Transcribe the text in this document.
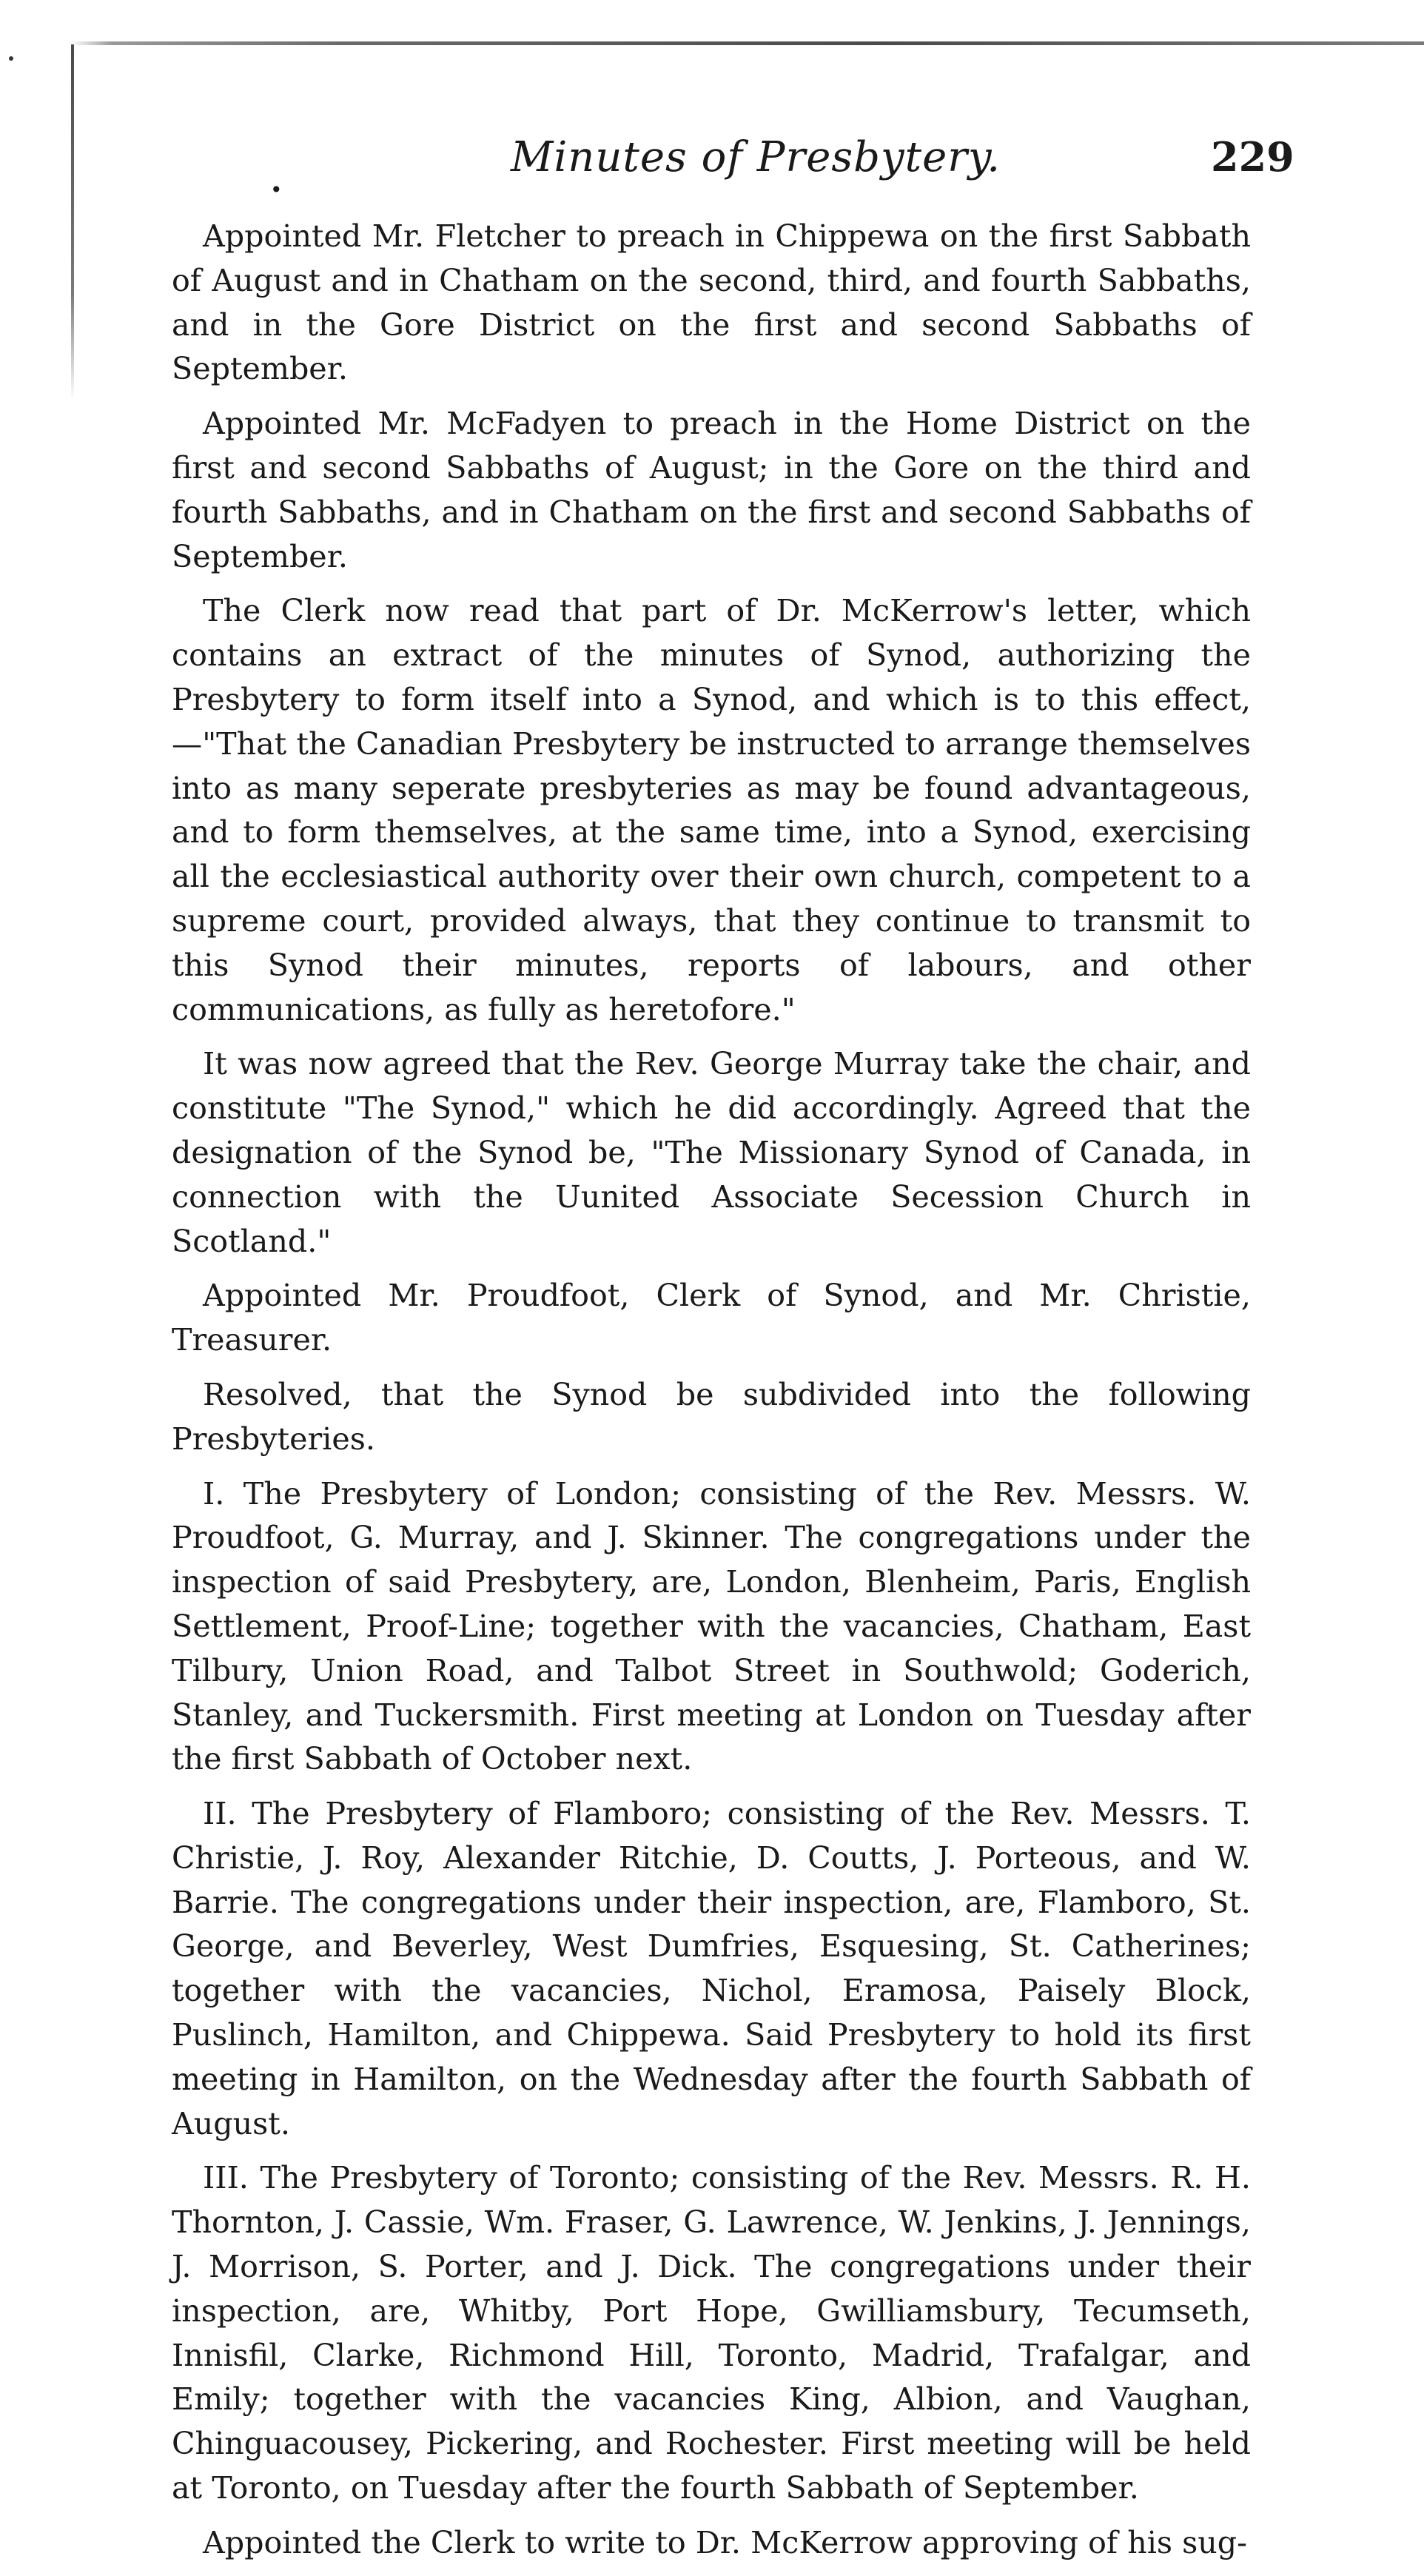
Minutes of Presbytery.	229
•

Appointed Mr. Fletcher to preach in Chippewa on the first Sabbath of August and in Chatham on the second, third, and fourth Sabbaths, and in the Gore District on the first and second Sabbaths of September.

Appointed Mr. McFadyen to preach in the Home District on the first and second Sabbaths of August; in the Gore on the third and fourth Sabbaths, and in Chatham on the first and second Sabbaths of September.

The Clerk now read that part of Dr. McKerrow's letter, which contains an extract of the minutes of Synod, authorizing the Presbytery to form itself into a Synod, and which is to this effect,—"That the Canadian Presbytery be instructed to arrange themselves into as many seperate presbyteries as may be found advantageous, and to form themselves, at the same time, into a Synod, exercising all the ecclesiastical authority over their own church, competent to a supreme court, provided always, that they continue to transmit to this Synod their minutes, reports of labours, and other communications, as fully as heretofore."

It was now agreed that the Rev. George Murray take the chair, and constitute "The Synod," which he did accordingly. Agreed that the designation of the Synod be, "The Missionary Synod of Canada, in connection with the Uunited Associate Secession Church in Scotland."

Appointed Mr. Proudfoot, Clerk of Synod, and Mr. Christie, Treasurer.

Resolved, that the Synod be subdivided into the following Presbyteries.

I. The Presbytery of London; consisting of the Rev. Messrs. W. Proudfoot, G. Murray, and J. Skinner. The congregations under the inspection of said Presbytery, are, London, Blenheim, Paris, English Settlement, Proof-Line; together with the vacancies, Chatham, East Tilbury, Union Road, and Talbot Street in Southwold; Goderich, Stanley, and Tuckersmith. First meeting at London on Tuesday after the first Sabbath of October next.

II. The Presbytery of Flamboro; consisting of the Rev. Messrs. T. Christie, J. Roy, Alexander Ritchie, D. Coutts, J. Porteous, and W. Barrie. The congregations under their inspection, are, Flamboro, St. George, and Beverley, West Dumfries, Esquesing, St. Catherines; together with the vacancies, Nichol, Eramosa, Paisely Block, Puslinch, Hamilton, and Chippewa. Said Presbytery to hold its first meeting in Hamilton, on the Wednesday after the fourth Sabbath of August.

III. The Presbytery of Toronto; consisting of the Rev. Messrs. R. H. Thornton, J. Cassie, Wm. Fraser, G. Lawrence, W. Jenkins, J. Jennings, J. Morrison, S. Porter, and J. Dick. The congregations under their inspection, are, Whitby, Port Hope, Gwilliamsbury, Tecumseth, Innisfil, Clarke, Richmond Hill, Toronto, Madrid, Trafalgar, and Emily; together with the vacancies King, Albion, and Vaughan, Chinguacousey, Pickering, and Rochester. First meeting will be held at Toronto, on Tuesday after the fourth Sabbath of September.

Appointed the Clerk to write to Dr. McKerrow approving of his sug-
